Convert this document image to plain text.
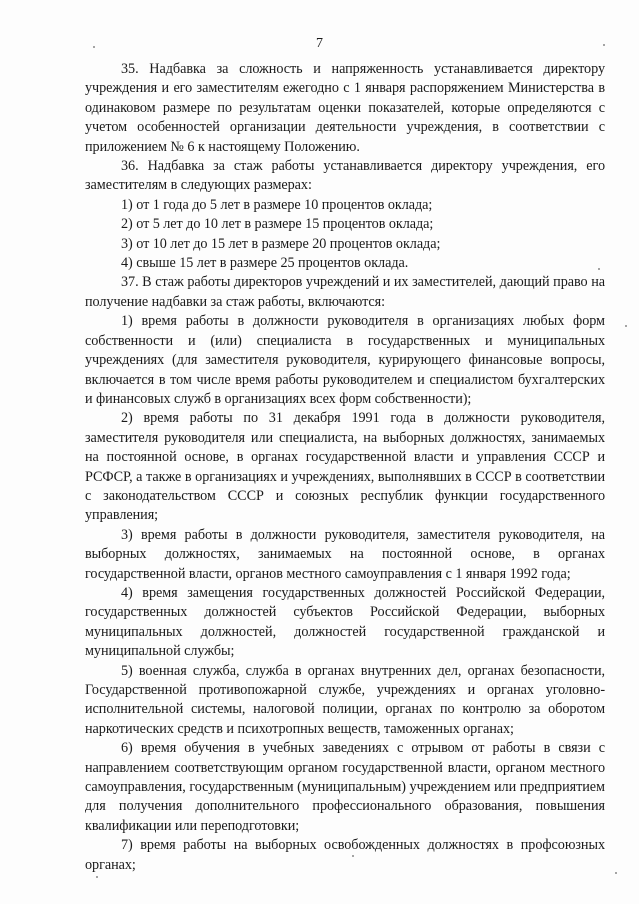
7

35. Надбавка за сложность и напряженность устанавливается директору учреждения и его заместителям ежегодно с 1 января распоряжением Министерства в одинаковом размере по результатам оценки показателей, которые определяются с учетом особенностей организации деятельности учреждения, в соответствии с приложением № 6 к настоящему Положению.

36. Надбавка за стаж работы устанавливается директору учреждения, его заместителям в следующих размерах:

1) от 1 года до 5 лет в размере 10 процентов оклада;

2) от 5 лет до 10 лет в размере 15 процентов оклада;

3) от 10 лет до 15 лет в размере 20 процентов оклада;

4) свыше 15 лет в размере 25 процентов оклада.

37. В стаж работы директоров учреждений и их заместителей, дающий право на получение надбавки за стаж работы, включаются:

1) время работы в должности руководителя в организациях любых форм собственности и (или) специалиста в государственных и муниципальных учреждениях (для заместителя руководителя, курирующего финансовые вопросы, включается в том числе время работы руководителем и специалистом бухгалтерских и финансовых служб в организациях всех форм собственности);

2) время работы по 31 декабря 1991 года в должности руководителя, заместителя руководителя или специалиста, на выборных должностях, занимаемых на постоянной основе, в органах государственной власти и управления СССР и РСФСР, а также в организациях и учреждениях, выполнявших в СССР в соответствии с законодательством СССР и союзных республик функции государственного управления;

3) время работы в должности руководителя, заместителя руководителя, на выборных должностях, занимаемых на постоянной основе, в органах государственной власти, органов местного самоуправления с 1 января 1992 года;

4) время замещения государственных должностей Российской Федерации, государственных должностей субъектов Российской Федерации, выборных муниципальных должностей, должностей государственной гражданской и муниципальной службы;

5) военная служба, служба в органах внутренних дел, органах безопасности, Государственной противопожарной службе, учреждениях и органах уголовно-исполнительной системы, налоговой полиции, органах по контролю за оборотом наркотических средств и психотропных веществ, таможенных органах;

6) время обучения в учебных заведениях с отрывом от работы в связи с направлением соответствующим органом государственной власти, органом местного самоуправления, государственным (муниципальным) учреждением или предприятием для получения дополнительного профессионального образования, повышения квалификации или переподготовки;

7) время работы на выборных освобожденных должностях в профсоюзных органах;
